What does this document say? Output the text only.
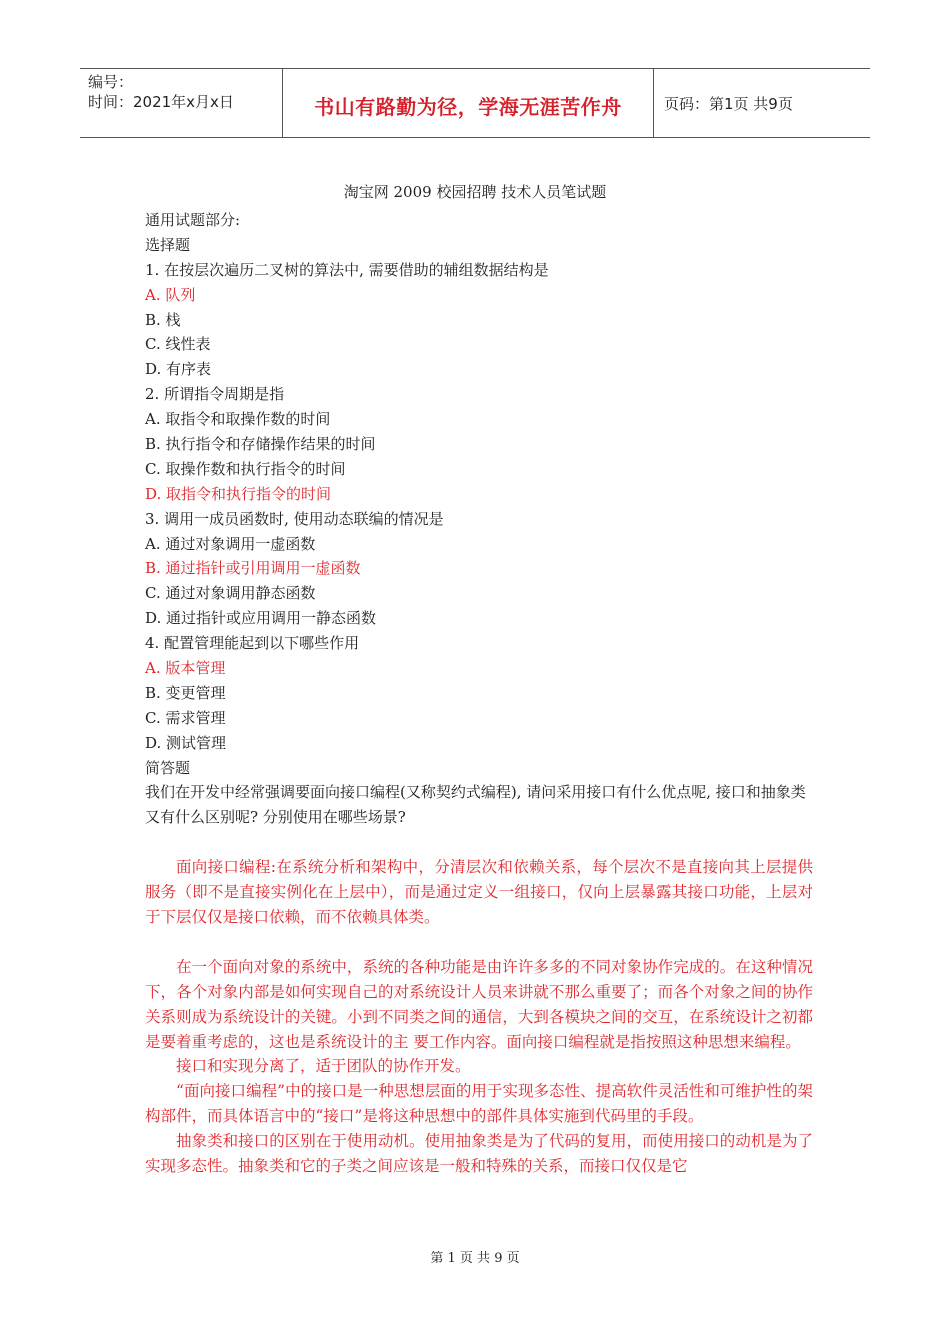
编号：
时间：2021年x月x日	书山有路勤为径，学海无涯苦作舟	页码：第1页 共9页
淘宝网 2009 校园招聘 技术人员笔试题
通用试题部分:
选择题
1. 在按层次遍历二叉树的算法中, 需要借助的辅组数据结构是
A. 队列
B. 栈
C. 线性表
D. 有序表
2. 所谓指令周期是指
A. 取指令和取操作数的时间
B. 执行指令和存储操作结果的时间
C. 取操作数和执行指令的时间
D. 取指令和执行指令的时间
3. 调用一成员函数时, 使用动态联编的情况是
A. 通过对象调用一虚函数
B. 通过指针或引用调用一虚函数
C. 通过对象调用静态函数
D. 通过指针或应用调用一静态函数
4. 配置管理能起到以下哪些作用
A. 版本管理
B. 变更管理
C. 需求管理
D. 测试管理
简答题
我们在开发中经常强调要面向接口编程(又称契约式编程), 请问采用接口有什么优点呢, 接口和抽象类又有什么区别呢? 分别使用在哪些场景?
面向接口编程:在系统分析和架构中，分清层次和依赖关系，每个层次不是直接向其上层提供服务（即不是直接实例化在上层中），而是通过定义一组接口，仅向上层暴露其接口功能，上层对于下层仅仅是接口依赖，而不依赖具体类。
在一个面向对象的系统中，系统的各种功能是由许许多多的不同对象协作完成的。在这种情况下，各个对象内部是如何实现自己的对系统设计人员来讲就不那么重要了；而各个对象之间的协作关系则成为系统设计的关键。小到不同类之间的通信，大到各模块之间的交互，在系统设计之初都是要着重考虑的，这也是系统设计的主 要工作内容。面向接口编程就是指按照这种思想来编程。
接口和实现分离了，适于团队的协作开发。
“面向接口编程”中的接口是一种思想层面的用于实现多态性、提高软件灵活性和可维护性的架构部件，而具体语言中的“接口”是将这种思想中的部件具体实施到代码里的手段。
抽象类和接口的区别在于使用动机。使用抽象类是为了代码的复用，而使用接口的动机是为了实现多态性。抽象类和它的子类之间应该是一般和特殊的关系，而接口仅仅是它
第 1 页 共 9 页
